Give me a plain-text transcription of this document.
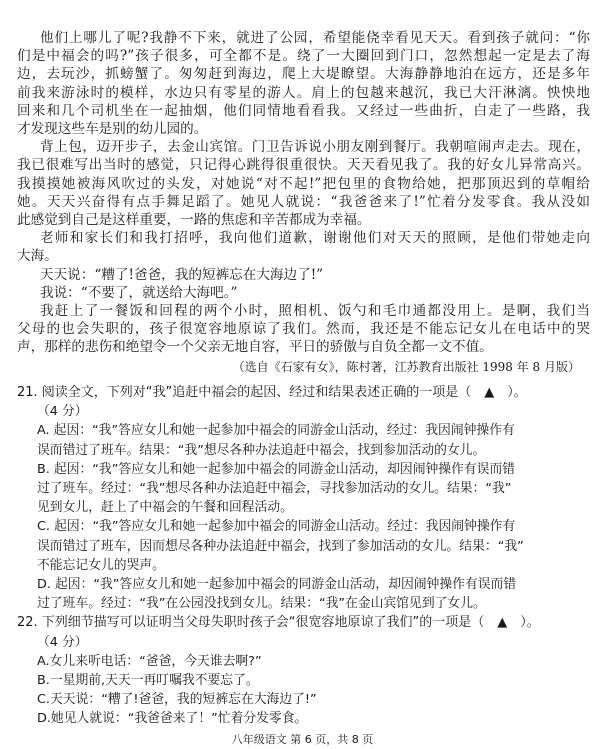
他们上哪儿了呢?我静不下来，就进了公园，希望能侥幸看见天天。看到孩子就问：“你
们是中福会的吗?”孩子很多，可全都不是。绕了一大圈回到门口，忽然想起一定是去了海
边，去玩沙，抓螃蟹了。匆匆赶到海边，爬上大堤瞭望。大海静静地泊在远方，还是多年
前我来游泳时的模样，水边只有零星的游人。肩上的包越来越沉，我已大汗淋漓。怏怏地
回来和几个司机坐在一起抽烟，他们同情地看看我。又经过一些曲折，白走了一些路，我
才发现这些车是别的幼儿园的。
背上包，迈开步子，去金山宾馆。门卫告诉说小朋友刚到餐厅。我朝喧闹声走去。现在，
我已很难写出当时的感觉，只记得心跳得很重很快。天天看见我了。我的好女儿异常高兴。
我摸摸她被海风吹过的头发，对她说“对不起!”把包里的食物给她，把那顶迟到的草帽给
她。天天兴奋得有点手舞足蹈了。她见人就说：“我爸爸来了!”忙着分发零食。我从没如
此感觉到自己是这样重要，一路的焦虑和辛苦都成为幸福。
老师和家长们和我打招呼，我向他们道歉，谢谢他们对天天的照顾，是他们带她走向
大海。
天天说：“糟了!爸爸，我的短裤忘在大海边了!”
我说：“不要了，就送给大海吧。”
我赶上了一餐饭和回程的两个小时，照相机、饭勺和毛巾通都没用上。是啊，我们当
父母的也会失职的，孩子很宽容地原谅了我们。然而，我还是不能忘记女儿在电话中的哭
声，那样的悲伤和绝望令一个父亲无地自容，平日的骄傲与自负全都一文不值。
（选自《石家有女》，陈村著，江苏教育出版社 1998 年 8 月版）
21. 阅读全文，下列对“我”追赶中福会的起因、经过和结果表述正确的一项是（　▲　）。
（4 分）
A. 起因：“我”答应女儿和她一起参加中福会的同游金山活动，经过：我因闹钟操作有
误而错过了班车。结果：“我”想尽各种办法追赶中福会，找到参加活动的女儿。
B. 起因：“我”答应女儿和她一起参加中福会的同游金山活动，却因闹钟操作有误而错
过了班车。经过：“我”想尽各种办法追赶中福会，寻找参加活动的女儿。结果：“我”
见到女儿，赶上了中福会的午餐和回程活动。
C. 起因：“我”答应女儿和她一起参加中福会的同游金山活动。经过：我因闹钟操作有
误而错过了班车，因而想尽各种办法追赶中福会，找到了参加活动的女儿。结果：“我”
不能忘记女儿的哭声。
D. 起因：“我”答应女儿和她一起参加中福会的同游金山活动，却因闹钟操作有误而错
过了班车。经过：“我”在公园没找到女儿。结果：“我”在金山宾馆见到了女儿。
22. 下列细节描写可以证明当父母失职时孩子会“很宽容地原谅了我们”的一项是（　▲　）。
（4 分）
A.女儿来听电话：“爸爸，今天谁去啊?”
B.一星期前,天天一再叮嘱我不要忘了。
C.天天说：“糟了!爸爸，我的短裤忘在大海边了!”
D.她见人就说：“我爸爸来了！”忙着分发零食。
八年级语文 第 6 页，共 8 页
